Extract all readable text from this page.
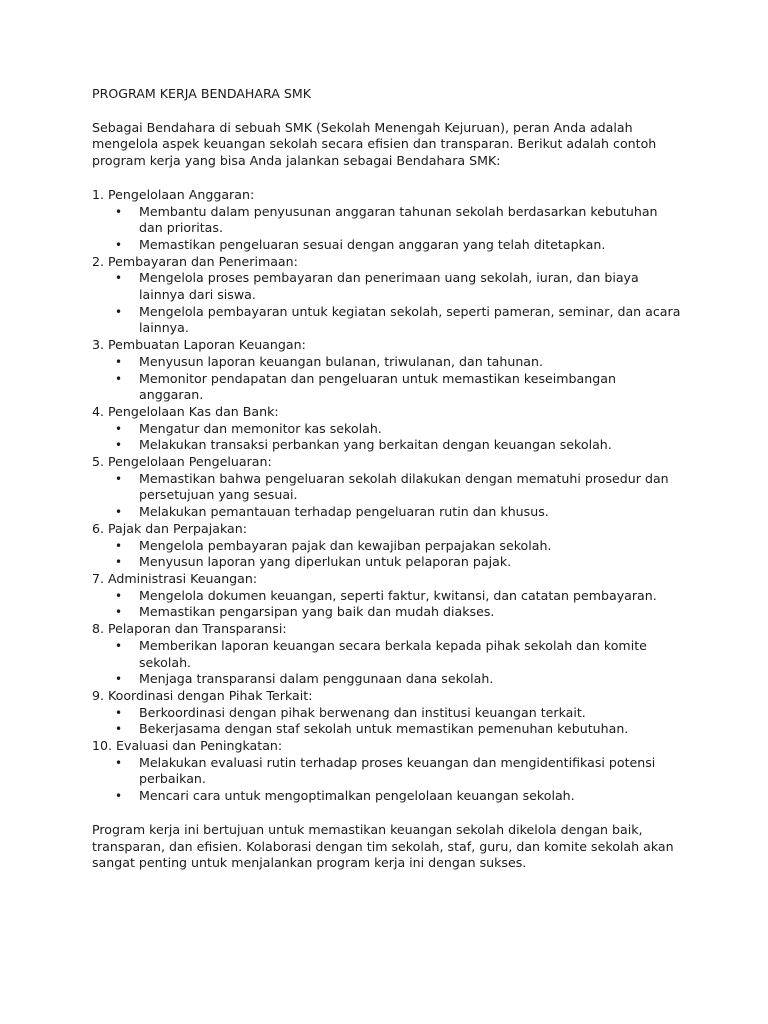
PROGRAM KERJA BENDAHARA SMK

Sebagai Bendahara di sebuah SMK (Sekolah Menengah Kejuruan), peran Anda adalah mengelola aspek keuangan sekolah secara efisien dan transparan. Berikut adalah contoh program kerja yang bisa Anda jalankan sebagai Bendahara SMK:

1. Pengelolaan Anggaran:
• Membantu dalam penyusunan anggaran tahunan sekolah berdasarkan kebutuhan dan prioritas.
• Memastikan pengeluaran sesuai dengan anggaran yang telah ditetapkan.
2. Pembayaran dan Penerimaan:
• Mengelola proses pembayaran dan penerimaan uang sekolah, iuran, dan biaya lainnya dari siswa.
• Mengelola pembayaran untuk kegiatan sekolah, seperti pameran, seminar, dan acara lainnya.
3. Pembuatan Laporan Keuangan:
• Menyusun laporan keuangan bulanan, triwulanan, dan tahunan.
• Memonitor pendapatan dan pengeluaran untuk memastikan keseimbangan anggaran.
4. Pengelolaan Kas dan Bank:
• Mengatur dan memonitor kas sekolah.
• Melakukan transaksi perbankan yang berkaitan dengan keuangan sekolah.
5. Pengelolaan Pengeluaran:
• Memastikan bahwa pengeluaran sekolah dilakukan dengan mematuhi prosedur dan persetujuan yang sesuai.
• Melakukan pemantauan terhadap pengeluaran rutin dan khusus.
6. Pajak dan Perpajakan:
• Mengelola pembayaran pajak dan kewajiban perpajakan sekolah.
• Menyusun laporan yang diperlukan untuk pelaporan pajak.
7. Administrasi Keuangan:
• Mengelola dokumen keuangan, seperti faktur, kwitansi, dan catatan pembayaran.
• Memastikan pengarsipan yang baik dan mudah diakses.
8. Pelaporan dan Transparansi:
• Memberikan laporan keuangan secara berkala kepada pihak sekolah dan komite sekolah.
• Menjaga transparansi dalam penggunaan dana sekolah.
9. Koordinasi dengan Pihak Terkait:
• Berkoordinasi dengan pihak berwenang dan institusi keuangan terkait.
• Bekerjasama dengan staf sekolah untuk memastikan pemenuhan kebutuhan.
10. Evaluasi dan Peningkatan:
• Melakukan evaluasi rutin terhadap proses keuangan dan mengidentifikasi potensi perbaikan.
• Mencari cara untuk mengoptimalkan pengelolaan keuangan sekolah.

Program kerja ini bertujuan untuk memastikan keuangan sekolah dikelola dengan baik, transparan, dan efisien. Kolaborasi dengan tim sekolah, staf, guru, dan komite sekolah akan sangat penting untuk menjalankan program kerja ini dengan sukses.
